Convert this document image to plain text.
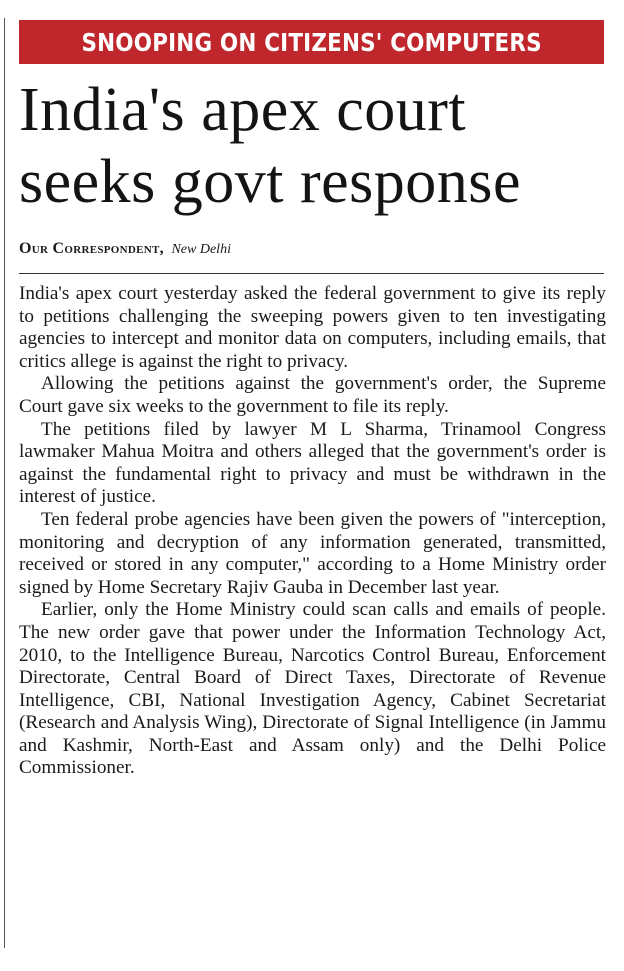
SNOOPING ON CITIZENS' COMPUTERS
India's apex court
seeks govt response
Our Correspondent, New Delhi

India's apex court yesterday asked the federal government to give its reply to petitions challenging the sweeping powers given to ten investigating agencies to intercept and monitor data on computers, including emails, that critics allege is against the right to privacy.

Allowing the petitions against the government's order, the Supreme Court gave six weeks to the government to file its reply.

The petitions filed by lawyer M L Sharma, Trinamool Congress lawmaker Mahua Moitra and others alleged that the government's order is against the fundamental right to privacy and must be withdrawn in the interest of justice.

Ten federal probe agencies have been given the powers of "interception, monitoring and decryption of any information generated, transmitted, received or stored in any computer," according to a Home Ministry order signed by Home Secretary Rajiv Gauba in December last year.

Earlier, only the Home Ministry could scan calls and emails of people. The new order gave that power under the Information Technology Act, 2010, to the Intelligence Bureau, Narcotics Control Bureau, Enforcement Directorate, Central Board of Direct Taxes, Directorate of Revenue Intelligence, CBI, National Investigation Agency, Cabinet Secretariat (Research and Analysis Wing), Directorate of Signal Intelligence (in Jammu and Kashmir, North-East and Assam only) and the Delhi Police Commissioner.
